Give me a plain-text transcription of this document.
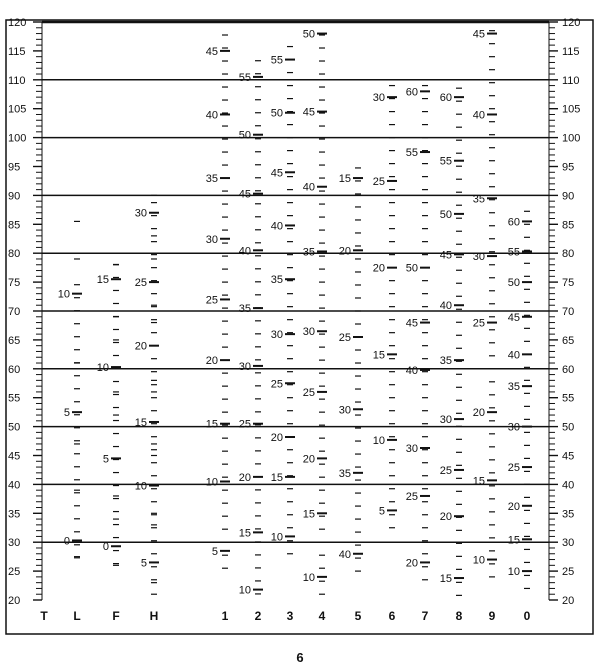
20
25
30
35
40
45
50
55
60
65
70
75
80
85
90
95
100
105
110
115
120
20
25
30
35
40
45
50
55
60
65
70
75
80
85
90
95
100
105
110
115
120
T L
0
5
10
F
0
5
10
15
H
5
10
15
20
25
30
1
5
10
15
20
25
30
35
40
45
2
10
15
20
25
30
35
40
45
50
55
3
10
15
20
25
30
35
40
45
50
55
4
10
15
20
25
30
35
40
45
50
5
35
40
30
25
20
15
6
5
10
15
20
25
30
7
20
25
30
40
45
50
55
60
8
15
20
25
30
35
40
45
50
55
60
9
10
15
20
25
30
35
40
45
0
10
15
20
25
30
35
40
45
50
55
60
6
